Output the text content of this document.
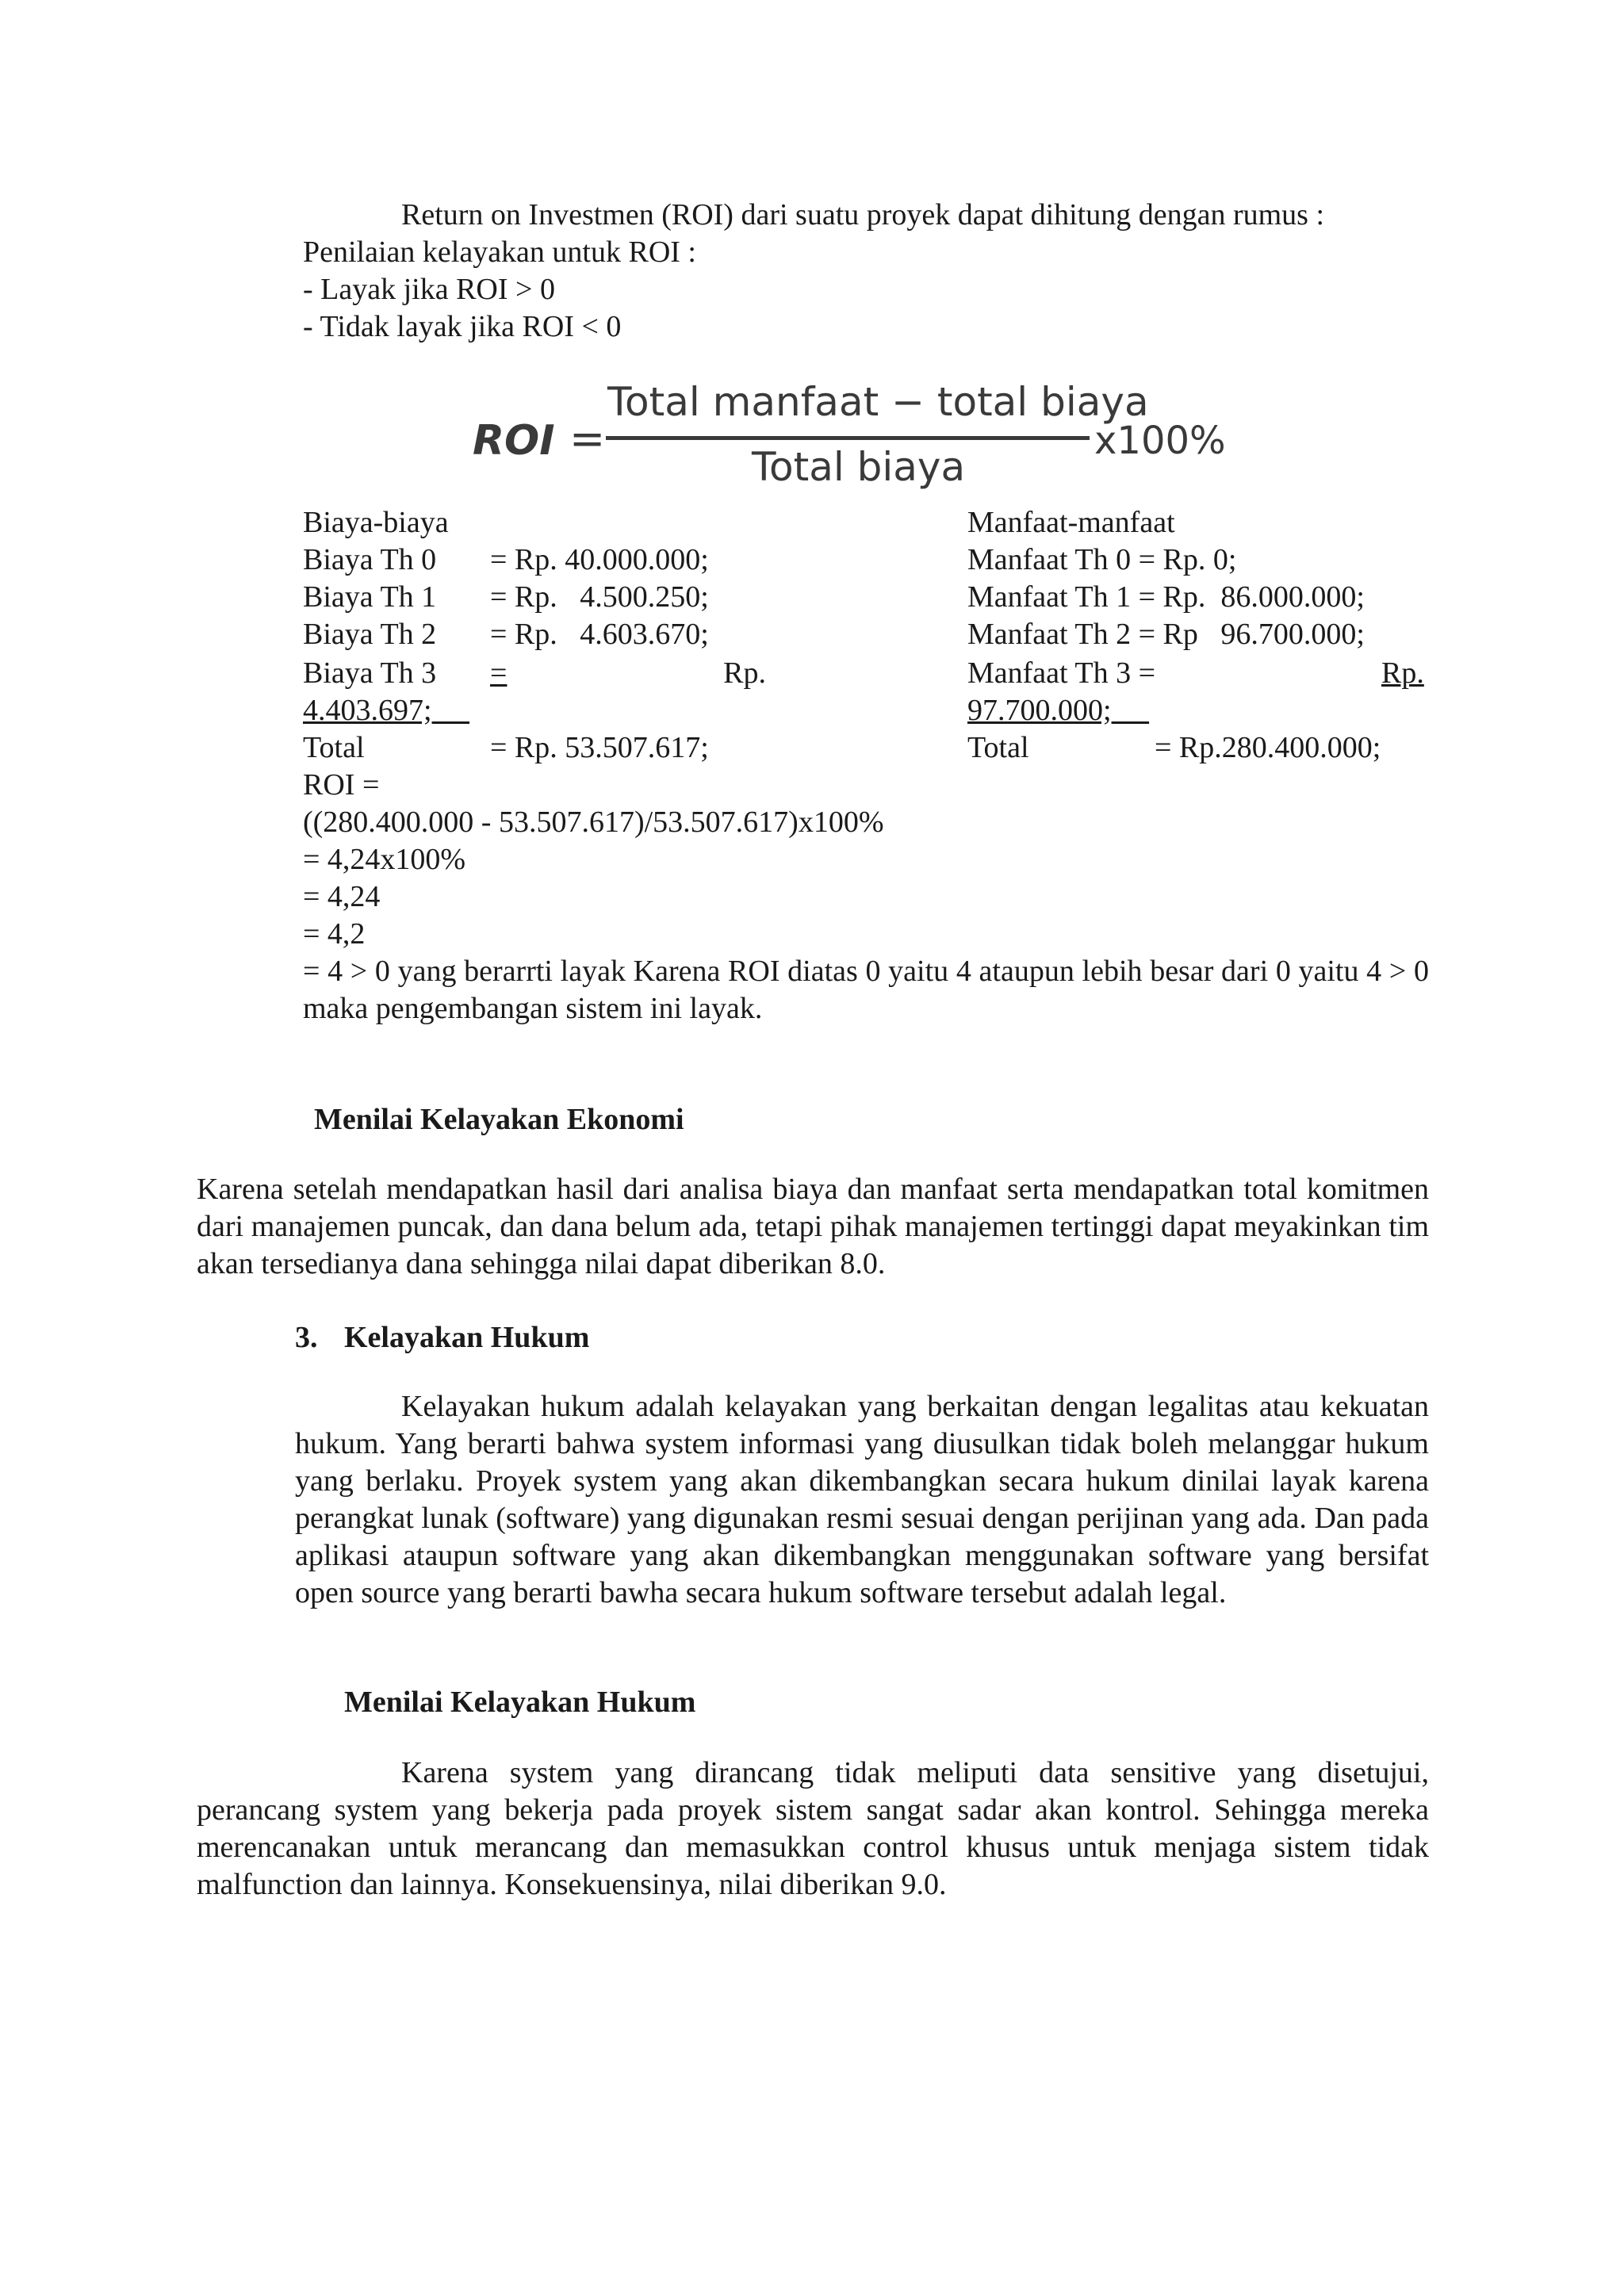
Return on Investmen (ROI) dari suatu proyek dapat dihitung dengan rumus :
Penilaian kelayakan untuk ROI :
- Layak jika ROI > 0
- Tidak layak jika ROI < 0
ROI =
Total manfaat − total biaya
Total biaya
x100%
Biaya-biaya
Biaya Th 0 = Rp. 40.000.000;
Biaya Th 1 = Rp.   4.500.250;
Biaya Th 2 = Rp.   4.603.670;
Biaya Th 3 =	Rp.
4.403.697;
Total	= Rp. 53.507.617;
Manfaat-manfaat
Manfaat Th 0 = Rp. 0;
Manfaat Th 1 = Rp.  86.000.000;
Manfaat Th 2 = Rp   96.700.000;
Manfaat Th 3 =	Rp.
97.700.000;
Total	= Rp.280.400.000;
ROI =
((280.400.000 - 53.507.617)/53.507.617)x100%
= 4,24x100%
= 4,24
= 4,2
= 4 > 0 yang berarrti layak Karena ROI diatas 0 yaitu 4 ataupun lebih besar dari 0 yaitu 4 > 0 maka pengembangan sistem ini layak.
Menilai Kelayakan Ekonomi
Karena setelah mendapatkan hasil dari analisa biaya dan manfaat serta mendapatkan total komitmen dari manajemen puncak, dan dana belum ada, tetapi pihak manajemen tertinggi dapat meyakinkan tim akan tersedianya dana sehingga nilai dapat diberikan 8.0.
3. Kelayakan Hukum
Kelayakan hukum adalah kelayakan yang berkaitan dengan legalitas atau kekuatan hukum. Yang berarti bahwa system informasi yang diusulkan tidak boleh melanggar hukum yang berlaku. Proyek system yang akan dikembangkan secara hukum dinilai layak karena perangkat lunak (software) yang digunakan resmi sesuai dengan perijinan yang ada. Dan pada aplikasi ataupun software yang akan dikembangkan menggunakan software yang bersifat open source yang berarti bawha secara hukum software tersebut adalah legal.
Menilai Kelayakan Hukum
Karena system yang dirancang tidak meliputi data sensitive yang disetujui, perancang system yang bekerja pada proyek sistem sangat sadar akan kontrol. Sehingga mereka merencanakan untuk merancang dan memasukkan control khusus untuk menjaga sistem tidak malfunction dan lainnya. Konsekuensinya, nilai diberikan 9.0.
